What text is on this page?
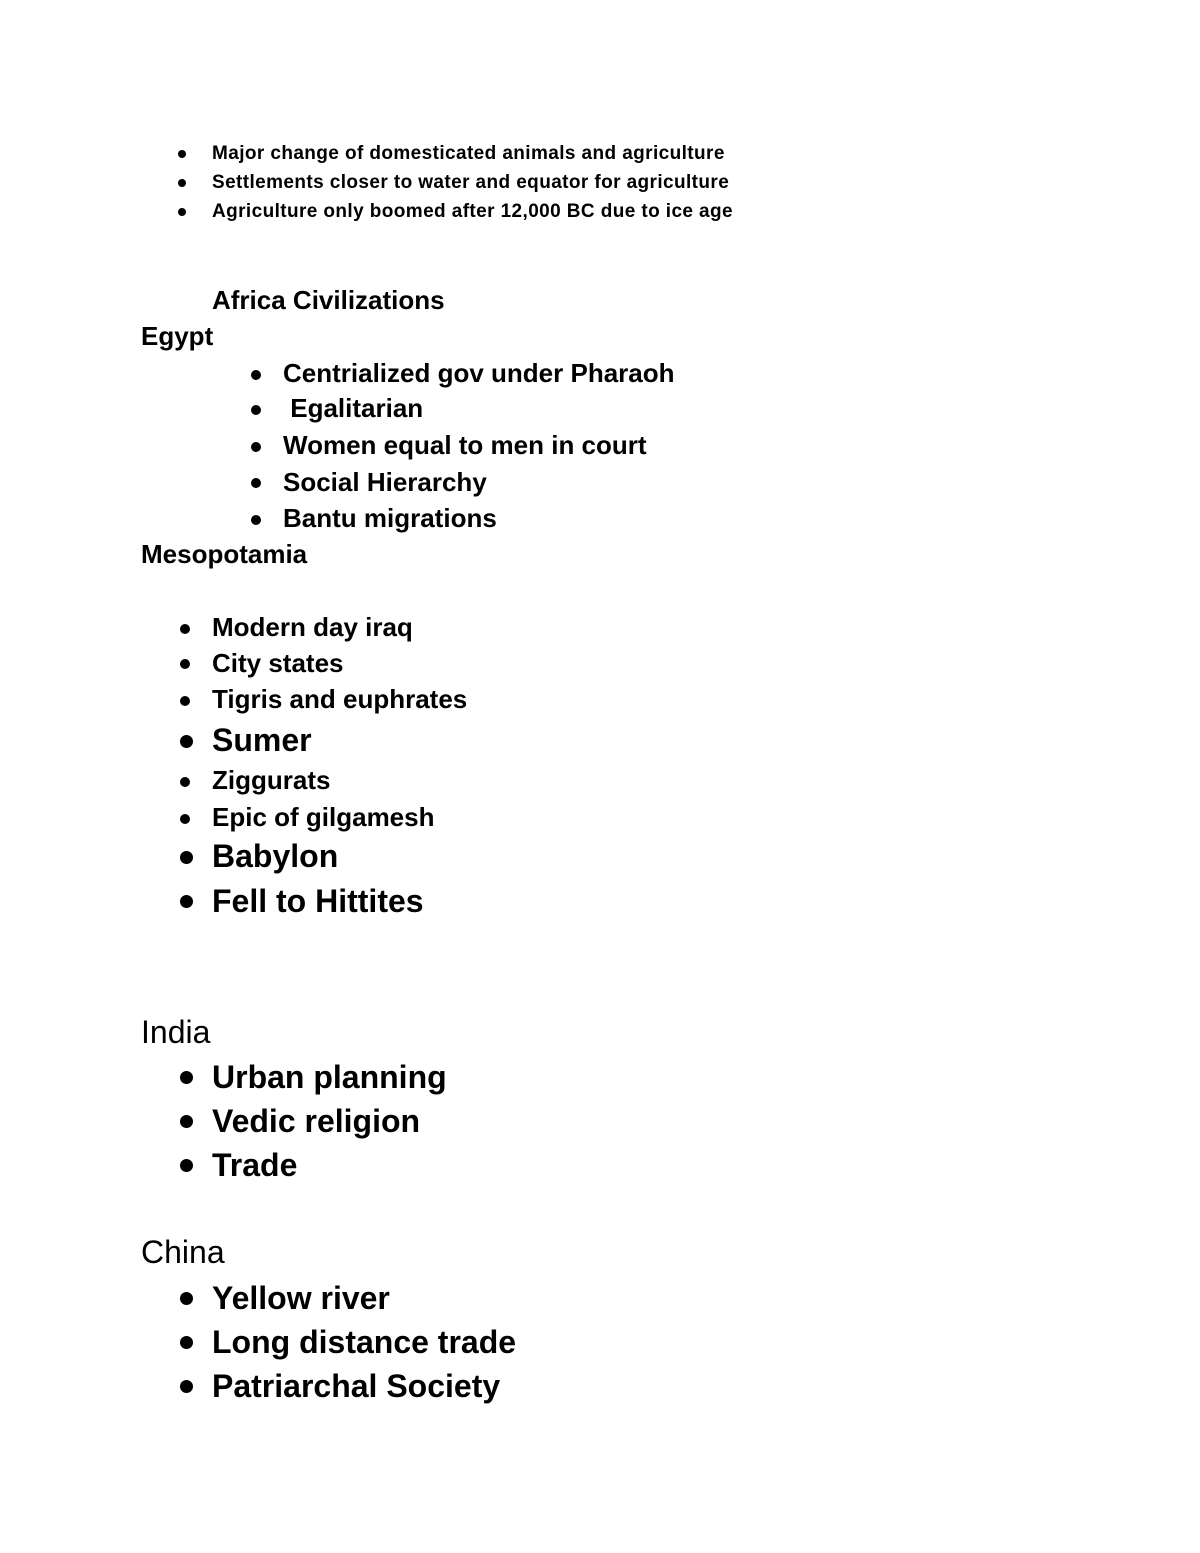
Major change of domesticated animals and agriculture
Settlements closer to water and equator for agriculture
Agriculture only boomed after 12,000 BC due to ice age
Africa Civilizations
Egypt
Centrialized gov under Pharaoh
Egalitarian
Women equal to men in court
Social Hierarchy
Bantu migrations
Mesopotamia
Modern day iraq
City states
Tigris and euphrates
Sumer
Ziggurats
Epic of gilgamesh
Babylon
Fell to Hittites
India
Urban planning
Vedic religion
Trade
China
Yellow river
Long distance trade
Patriarchal Society
